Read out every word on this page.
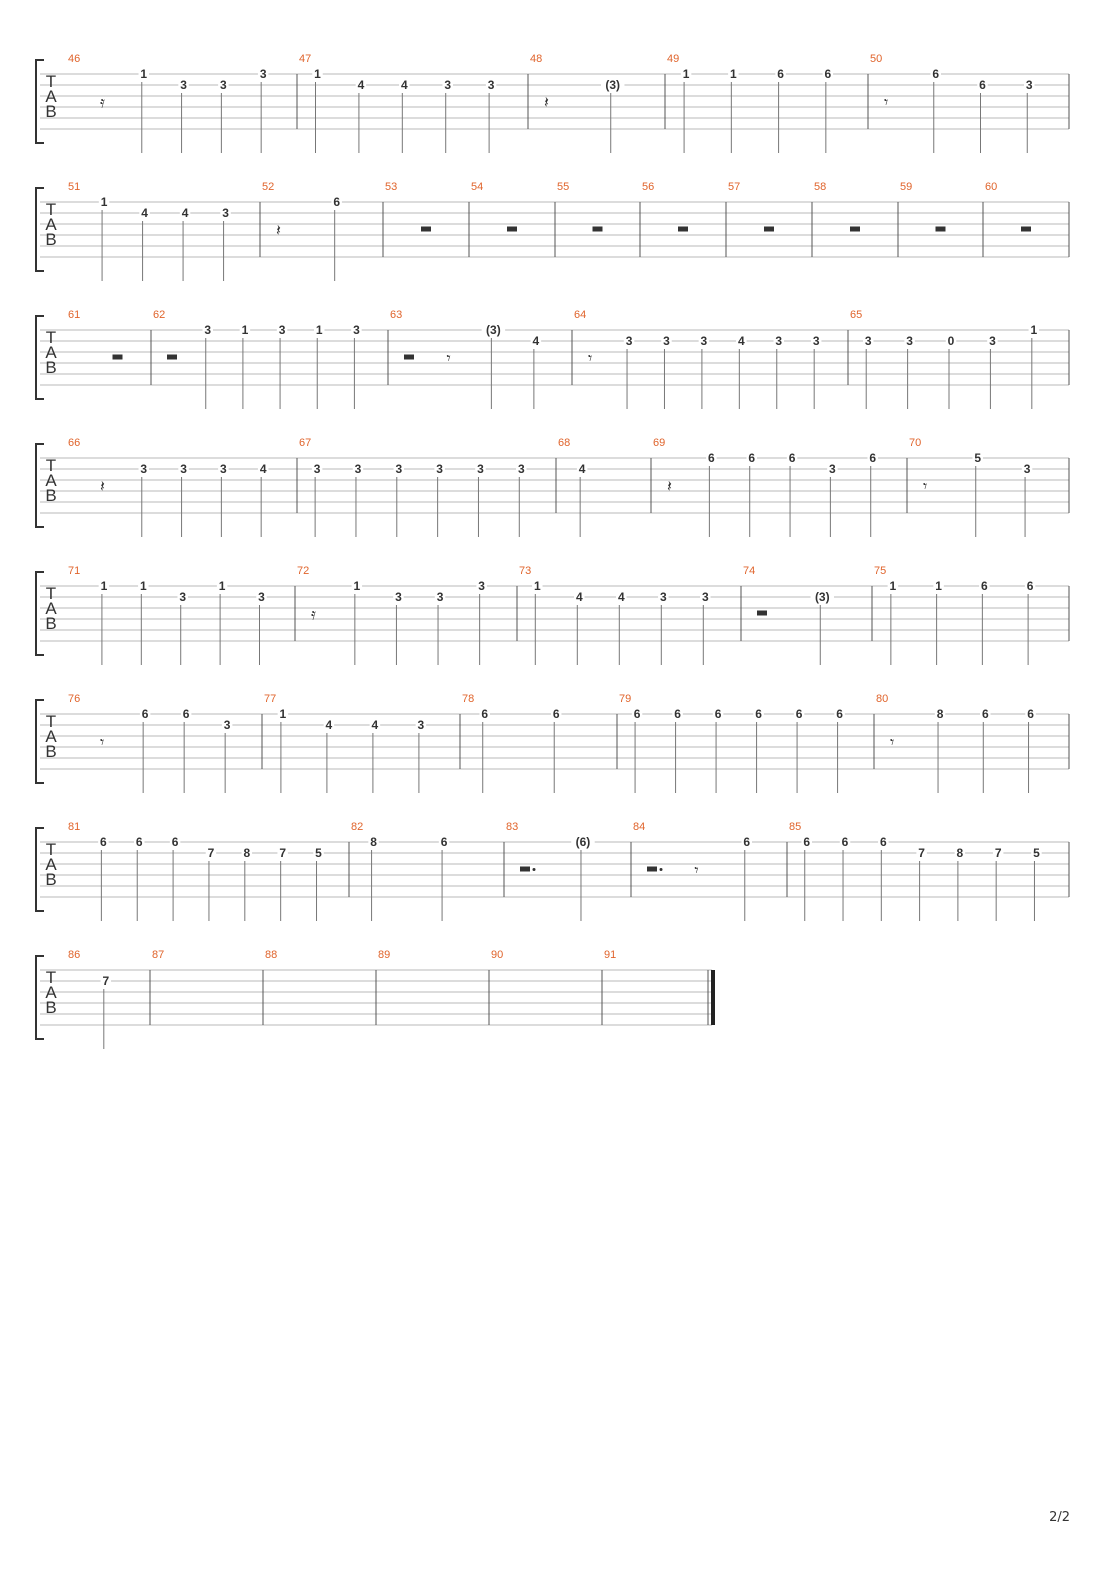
T
A
B
46
𝄿
1
3	3
3
47
1
4	4	3	3
48
𝄽
(3)
49
1	1	6	6
50
𝄾
6
6	3
T
A
B
51
1
4	4	3
52
𝄽
6
53	54	55	56	57	58	59	60
T
A
B
61	62
3	1	3	1	3
63
𝄾
(3)
4
64
𝄾
3	3	3	4	3	3
65
3	3	0	3
1
T
A
B
66
𝄽
3	3	3	4
67
3	3	3	3	3	3
68
4
69
𝄽
6	6	6
3
6
70
𝄾
5
3
T
A
B
71
1	1
3
1
3
72
𝄿
1
3	3
3
73
1
4	4	3	3
74
(3)
75
1	1	6	6
T
A
B
76
𝄾
6	6
3
77
1
4	4	3
78
6	6
79
6	6	6	6	6	6
80
𝄾
8	6	6
T
A
B
81
6 6 6
7 8 7 5
82
8	6
83
(6)
84
𝄾
6
85
6	6	6
7	8	7	5
T
A
B
86
7
87	88	89	90	91
2/2
